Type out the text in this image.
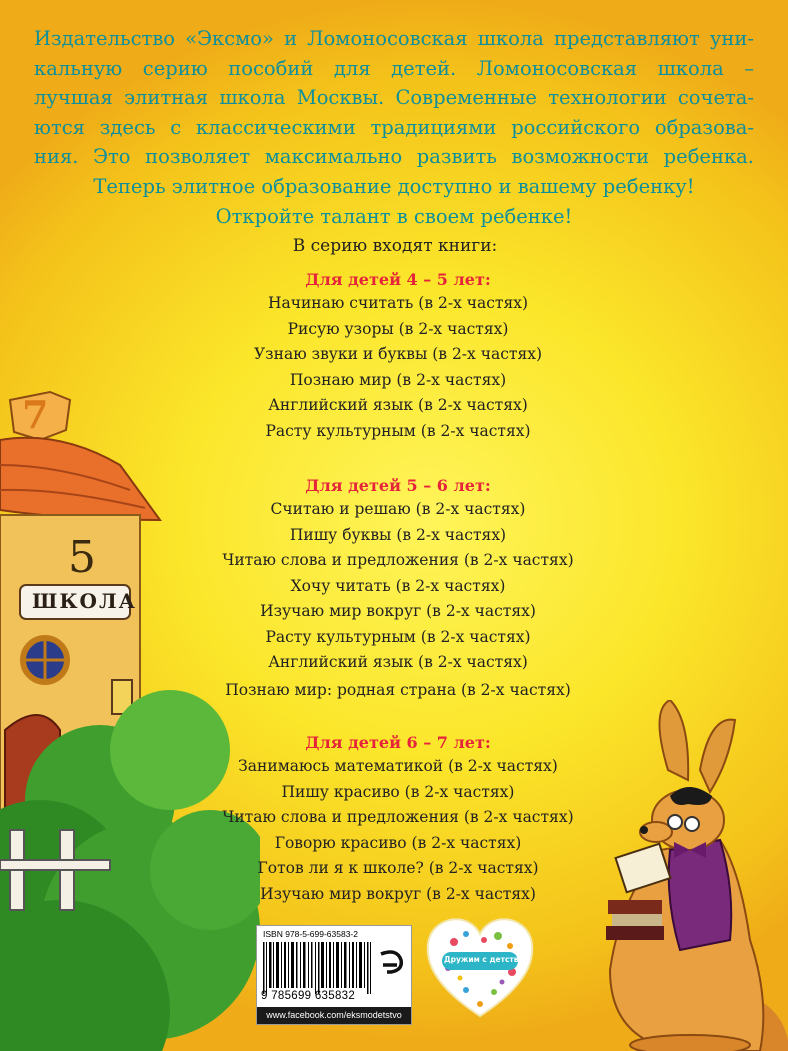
7
5
ШКОЛА
Издательство «Эксмо» и Ломоносовская школа представляют уни-
кальную серию пособий для детей. Ломоносовская школа –
лучшая элитная школа Москвы. Современные технологии сочета-
ются здесь с классическими традициями российского образова-
ния. Это позволяет максимально развить возможности ребенка.
Теперь элитное образование доступно и вашему ребенку!
Откройте талант в своем ребенке!
В серию входят книги:
Для детей 4 – 5 лет:
Начинаю считать (в 2-х частях)
Рисую узоры (в 2-х частях)
Узнаю звуки и буквы (в 2-х частях)
Познаю мир (в 2-х частях)
Английский язык (в 2-х частях)
Расту культурным (в 2-х частях)
Для детей 5 – 6 лет:
Считаю и решаю (в 2-х частях)
Пишу буквы (в 2-х частях)
Читаю слова и предложения (в 2-х частях)
Хочу читать (в 2-х частях)
Изучаю мир вокруг (в 2-х частях)
Расту культурным (в 2-х частях)
Английский язык (в 2-х частях)
Познаю мир: родная страна (в 2-х частях)
Для детей 6 – 7 лет:
Занимаюсь математикой (в 2-х частях)
Пишу красиво (в 2-х частях)
Читаю слова и предложения (в 2-х частях)
Говорю красиво (в 2-х частях)
Готов ли я к школе? (в 2-х частях)
Изучаю мир вокруг (в 2-х частях)
ISBN 978-5-699-63583-2
9 785699 635832
www.facebook.com/eksmodetstvo
Дружим с детства!
